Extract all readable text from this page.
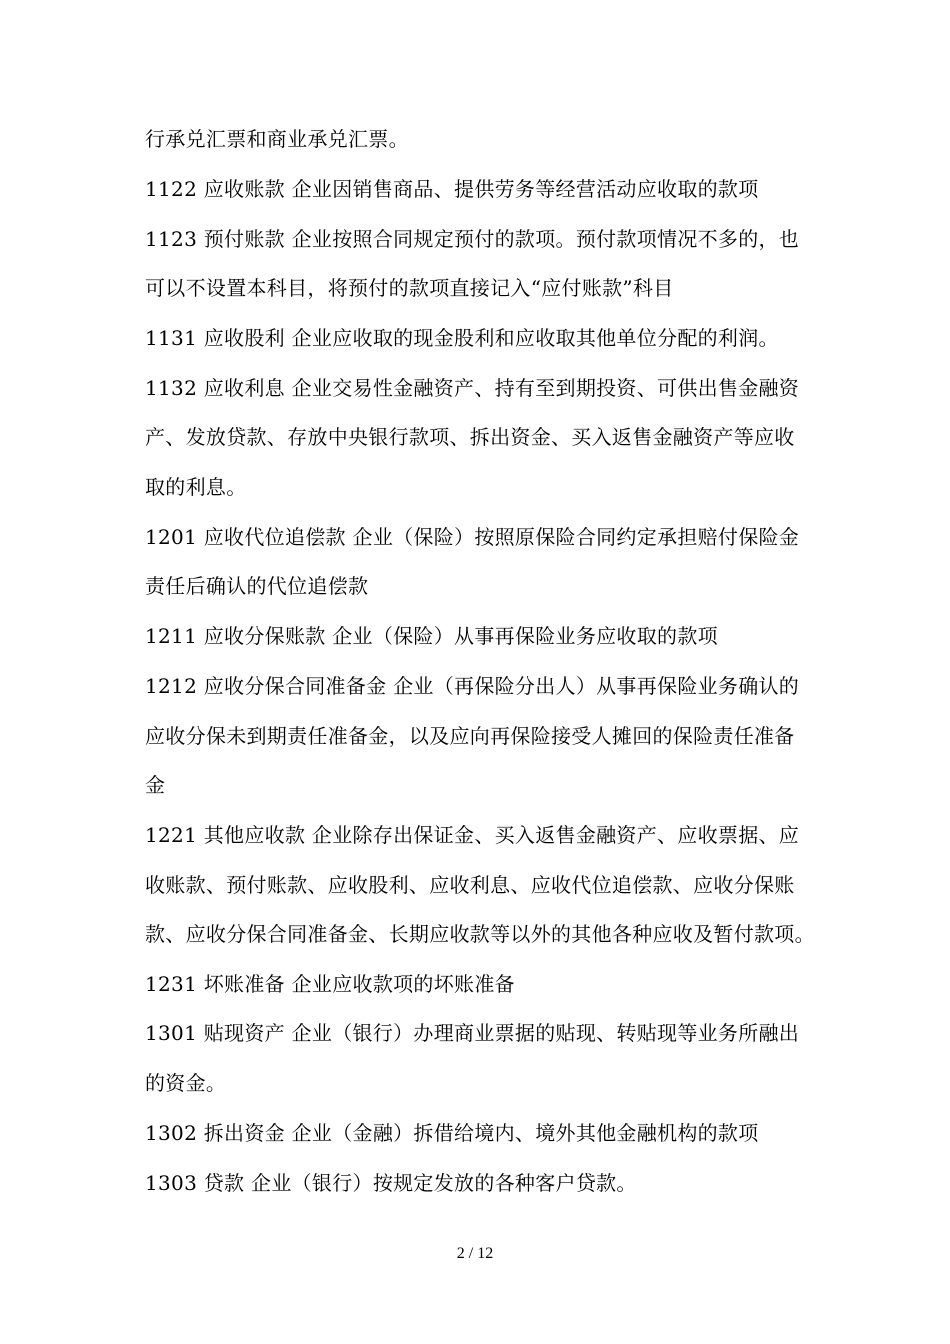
行承兑汇票和商业承兑汇票。
1122 应收账款 企业因销售商品、提供劳务等经营活动应收取的款项
1123 预付账款 企业按照合同规定预付的款项。预付款项情况不多的，也
可以不设置本科目，将预付的款项直接记入“应付账款”科目
1131 应收股利 企业应收取的现金股利和应收取其他单位分配的利润。
1132 应收利息 企业交易性金融资产、持有至到期投资、可供出售金融资
产、发放贷款、存放中央银行款项、拆出资金、买入返售金融资产等应收
取的利息。
1201 应收代位追偿款 企业（保险）按照原保险合同约定承担赔付保险金
责任后确认的代位追偿款
1211 应收分保账款 企业（保险）从事再保险业务应收取的款项
1212 应收分保合同准备金 企业（再保险分出人）从事再保险业务确认的
应收分保未到期责任准备金，以及应向再保险接受人摊回的保险责任准备
金
1221 其他应收款 企业除存出保证金、买入返售金融资产、应收票据、应
收账款、预付账款、应收股利、应收利息、应收代位追偿款、应收分保账
款、应收分保合同准备金、长期应收款等以外的其他各种应收及暂付款项。
1231 坏账准备 企业应收款项的坏账准备
1301 贴现资产 企业（银行）办理商业票据的贴现、转贴现等业务所融出
的资金。
1302 拆出资金 企业（金融）拆借给境内、境外其他金融机构的款项
1303 贷款 企业（银行）按规定发放的各种客户贷款。
2 / 12
